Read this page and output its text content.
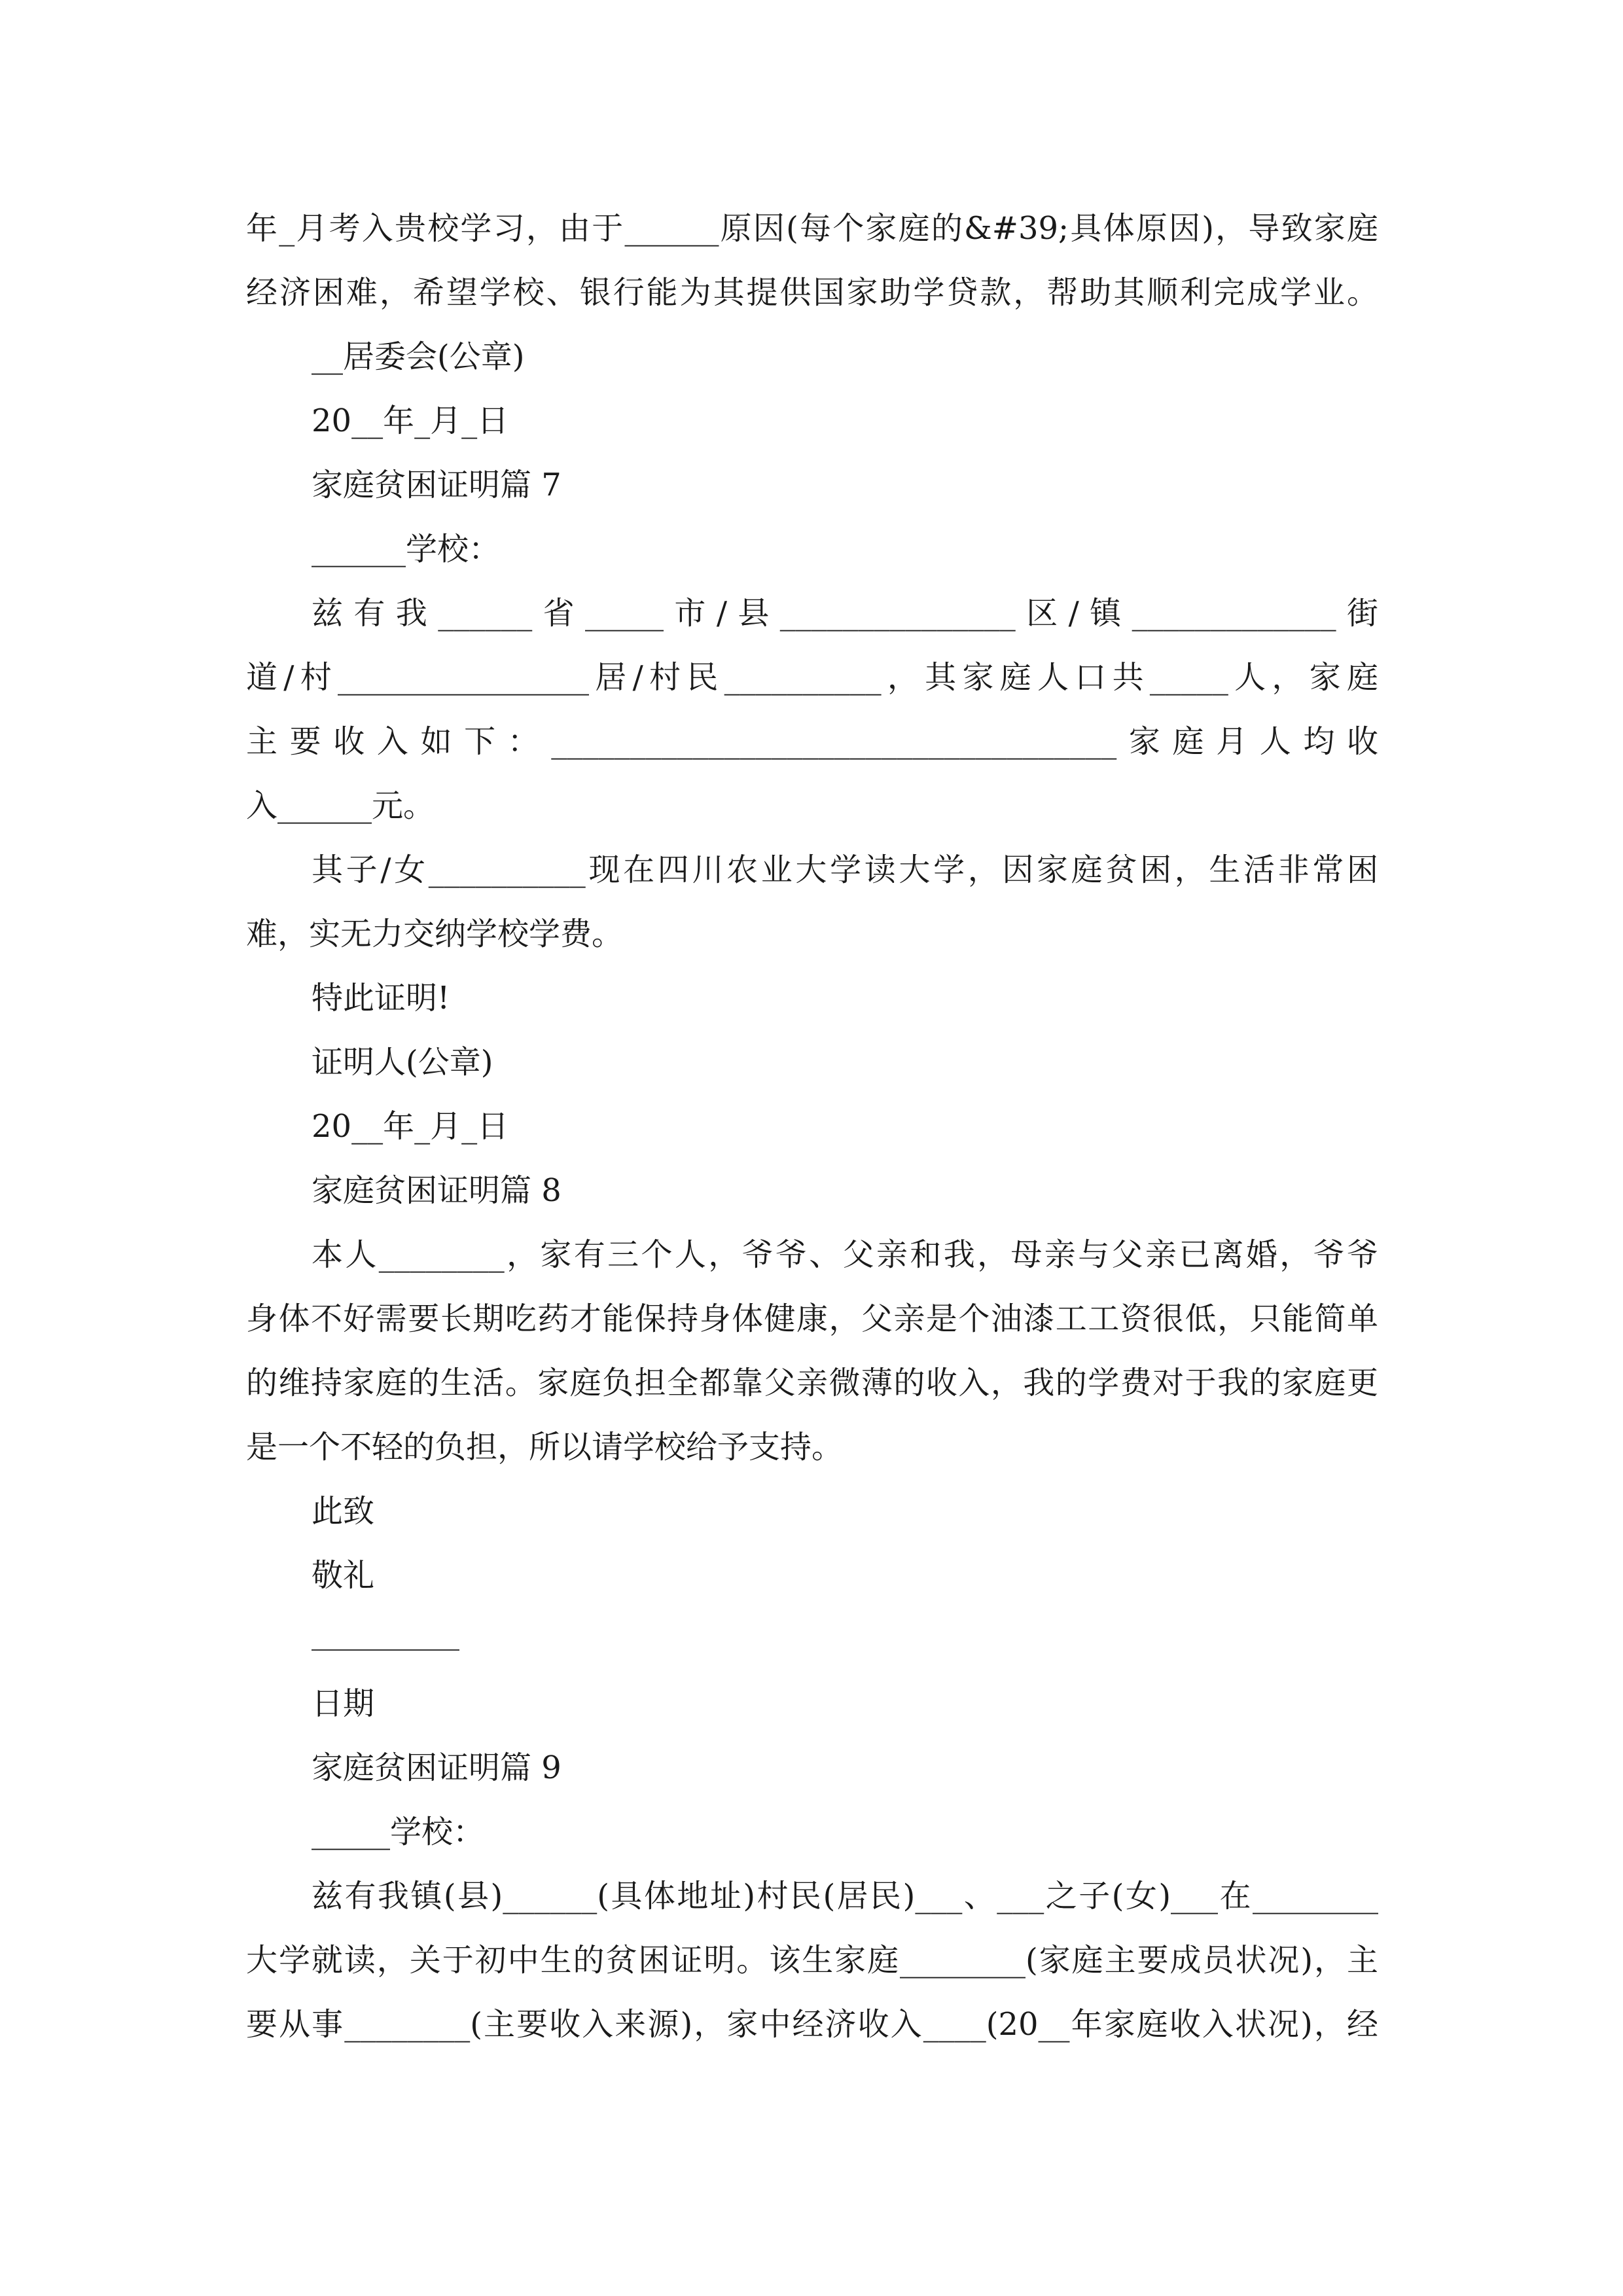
年_月考入贵校学习，由于______原因(每个家庭的&#39;具体原因)，导致家庭
经济困难，希望学校、银行能为其提供国家助学贷款，帮助其顺利完成学业。
__居委会(公章)
20__年_月_日
家庭贫困证明篇 7
______学校：
兹有我______省_____市/县_______________区/镇_____________街
道/村________________居/村民__________，其家庭人口共_____人，家庭
主要收入如下：____________________________________家庭月人均收
入______元。
其子/女__________现在四川农业大学读大学，因家庭贫困，生活非常困
难，实无力交纳学校学费。
特此证明!
证明人(公章)
20__年_月_日
家庭贫困证明篇 8
本人________，家有三个人，爷爷、父亲和我，母亲与父亲已离婚，爷爷
身体不好需要长期吃药才能保持身体健康，父亲是个油漆工工资很低，只能简单
的维持家庭的生活。家庭负担全都靠父亲微薄的收入，我的学费对于我的家庭更
是一个不轻的负担，所以请学校给予支持。
此致
敬礼
日期
家庭贫困证明篇 9
_____学校：
兹有我镇(县)______(具体地址)村民(居民)___、___之子(女)___在________
大学就读，关于初中生的贫困证明。该生家庭________(家庭主要成员状况)，主
要从事________(主要收入来源)，家中经济收入____(20__年家庭收入状况)，经
